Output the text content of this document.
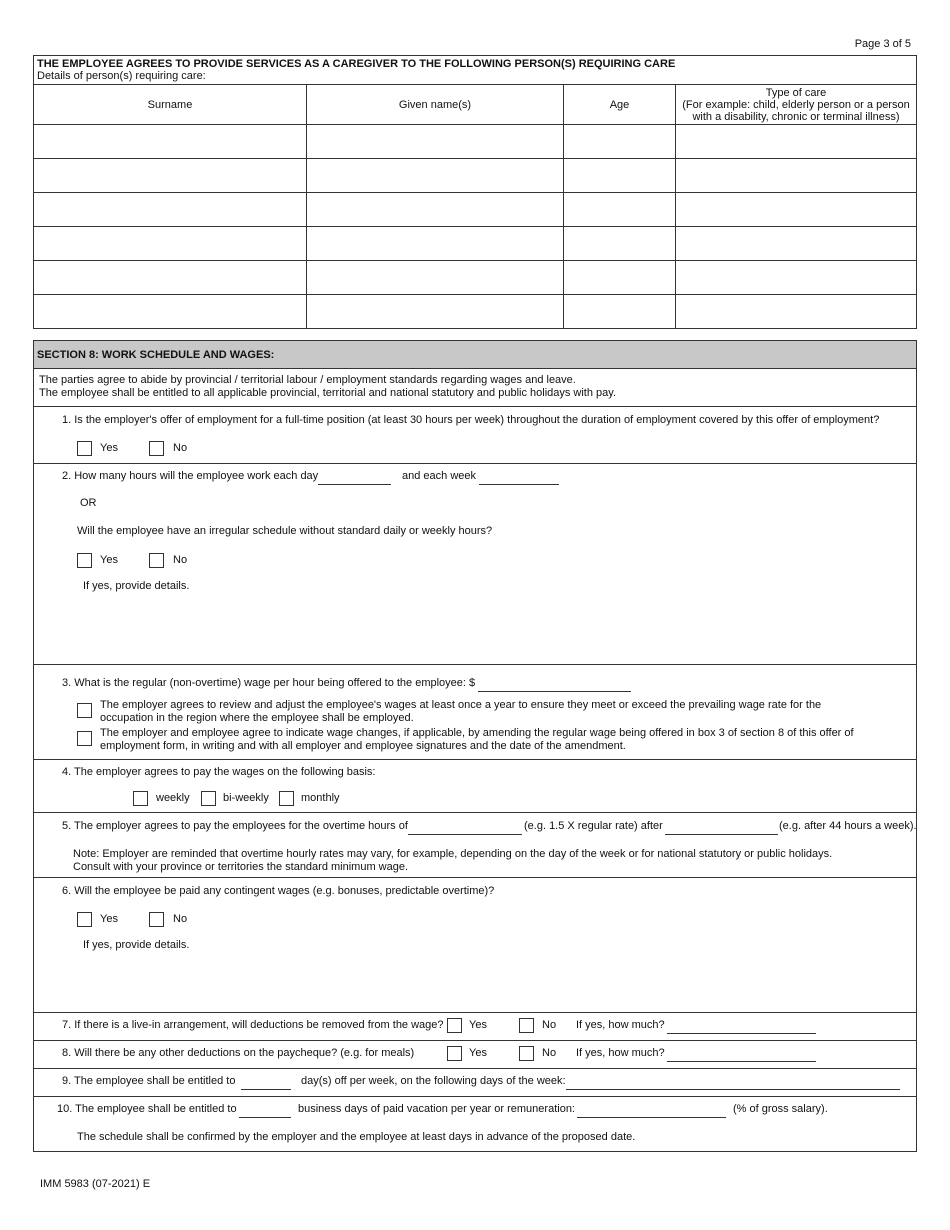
Page 3 of 5
THE EMPLOYEE AGREES TO PROVIDE SERVICES AS A CAREGIVER TO THE FOLLOWING PERSON(S) REQUIRING CARE
Details of person(s) requiring care:			

Surname	Given name(s)	Age	Type of care
(For example: child, elderly person or a person
with a disability, chronic or terminal illness)

SECTION 8: WORK SCHEDULE AND WAGES:
The parties agree to abide by provincial / territorial labour / employment standards regarding wages and leave.
The employee shall be entitled to all applicable provincial, territorial and national statutory and public holidays with pay.
1. Is the employer's offer of employment for a full-time position (at least 30 hours per week) throughout the duration of employment covered by this offer of employment?
Yes	No
2. How many hours will the employee work each day	and each week
OR
Will the employee have an irregular schedule without standard daily or weekly hours?
Yes	No
If yes, provide details.
3. What is the regular (non-overtime) wage per hour being offered to the employee: $
The employer agrees to review and adjust the employee's wages at least once a year to ensure they meet or exceed the prevailing wage rate for the
occupation in the region where the employee shall be employed.
The employer and employee agree to indicate wage changes, if applicable, by amending the regular wage being offered in box 3 of section 8 of this offer of
employment form, in writing and with all employer and employee signatures and the date of the amendment.
4. The employer agrees to pay the wages on the following basis:
weekly	bi-weekly	monthly
5. The employer agrees to pay the employees for the overtime hours of	(e.g. 1.5 X regular rate) after	(e.g. after 44 hours a week).
Note: Employer are reminded that overtime hourly rates may vary, for example, depending on the day of the week or for national statutory or public holidays.
Consult with your province or territories the standard minimum wage.
6. Will the employee be paid any contingent wages (e.g. bonuses, predictable overtime)?
Yes	No
If yes, provide details.
7. If there is a live-in arrangement, will deductions be removed from the wage? Yes	No If yes, how much?
8. Will there be any other deductions on the paycheque? (e.g. for meals)	Yes	No If yes, how much?
9. The employee shall be entitled to	day(s) off per week, on the following days of the week:
10. The employee shall be entitled to	business days of paid vacation per year or remuneration:	(% of gross salary).
The schedule shall be confirmed by the employer and the employee at least days in advance of the proposed date.
IMM 5983 (07-2021) E
